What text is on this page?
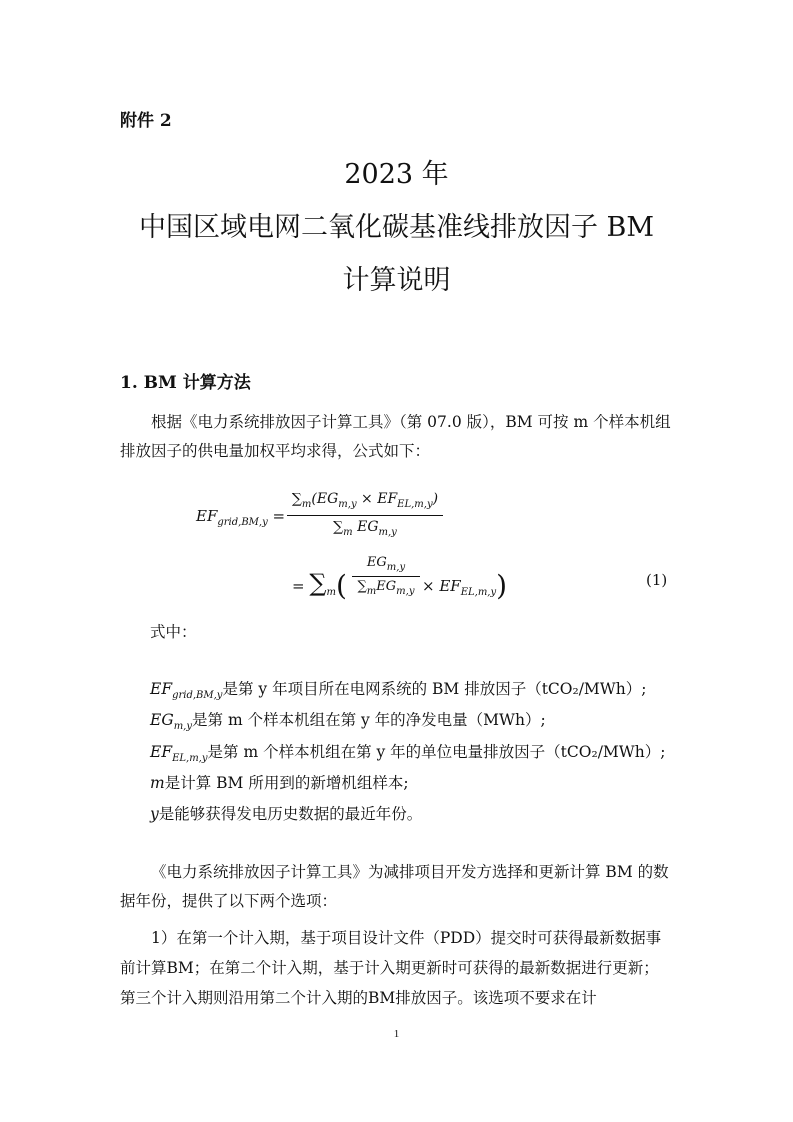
附件 2
2023 年
中国区域电网二氧化碳基准线排放因子 BM
计算说明
1. BM 计算方法
根据《电力系统排放因子计算工具》（第 07.0 版），BM 可按 m 个样本机组排放因子的供电量加权平均求得，公式如下：
$EF_{grid,BM,y}$ =
$\sum_m(EG_{m,y} \times EF_{EL,m,y})$
$\sum_m$ $EG_{m,y}$
= $\sum_m$(
$EG_{m,y}$
$\sum_mEG_{m,y} \times EF_{EL,m,y}$)	(1)
式中：
$EF_{grid,BM,y}$是第 y 年项目所在电网系统的 BM 排放因子（tCO₂/MWh）;
$EG_{m,y}$是第 m 个样本机组在第 y 年的净发电量（MWh）;
$EF_{EL,m,y}$是第 m 个样本机组在第 y 年的单位电量排放因子（tCO₂/MWh）;
m是计算 BM 所用到的新增机组样本;
y是能够获得发电历史数据的最近年份。
《电力系统排放因子计算工具》为减排项目开发方选择和更新计算 BM 的数据年份，提供了以下两个选项：
1）在第一个计入期，基于项目设计文件（PDD）提交时可获得最新数据事前计算BM；在第二个计入期，基于计入期更新时可获得的最新数据进行更新；第三个计入期则沿用第二个计入期的BM排放因子。该选项不要求在计
1
